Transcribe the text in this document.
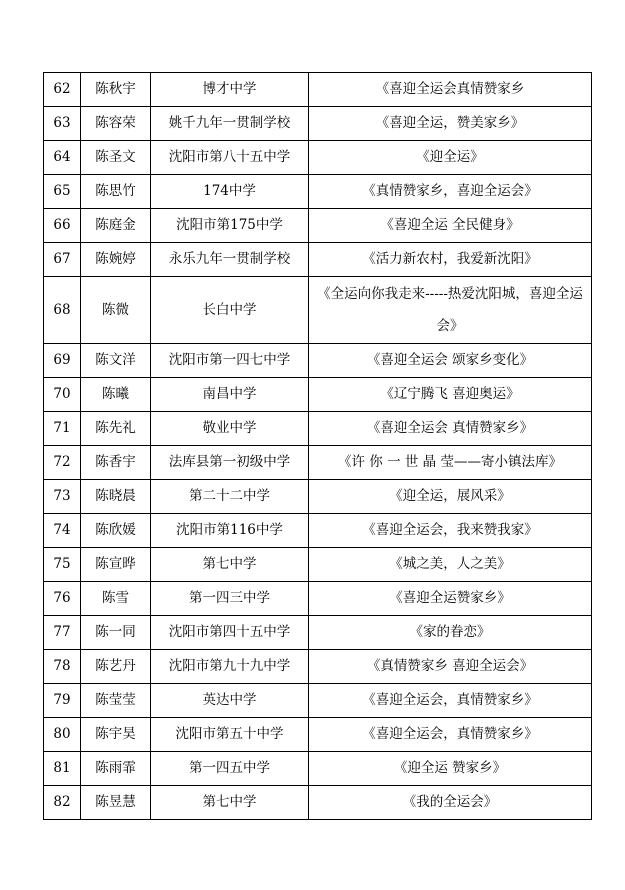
62	陈秋宇	博才中学	《喜迎全运会真情赞家乡
63	陈容荣	姚千九年一贯制学校	《喜迎全运，赞美家乡》
64	陈圣文	沈阳市第八十五中学	《迎全运》
65	陈思竹	174中学	《真情赞家乡，喜迎全运会》
66	陈庭金	沈阳市第175中学	《喜迎全运 全民健身》
67	陈婉婷	永乐九年一贯制学校	《活力新农村，我爱新沈阳》
68	陈微	长白中学	《全运向你我走来-----热爱沈阳城，喜迎全运会》
69	陈文洋	沈阳市第一四七中学	《喜迎全运会 颂家乡变化》
70	陈曦	南昌中学	《辽宁腾飞 喜迎奥运》
71	陈先礼	敬业中学	《喜迎全运会 真情赞家乡》
72	陈香宇	法库县第一初级中学	《许 你 一 世 晶 莹——寄小镇法库》
73	陈晓晨	第二十二中学	《迎全运，展风采》
74	陈欣媛	沈阳市第116中学	《喜迎全运会，我来赞我家》
75	陈宣晔	第七中学	《城之美，人之美》
76	陈雪	第一四三中学	《喜迎全运赞家乡》
77	陈一同	沈阳市第四十五中学	《家的眷恋》
78	陈艺丹	沈阳市第九十九中学	《真情赞家乡 喜迎全运会》
79	陈莹莹	英达中学	《喜迎全运会，真情赞家乡》
80	陈宇昊	沈阳市第五十中学	《喜迎全运会，真情赞家乡》
81	陈雨霏	第一四五中学	《迎全运 赞家乡》
82	陈昱慧	第七中学	《我的全运会》
